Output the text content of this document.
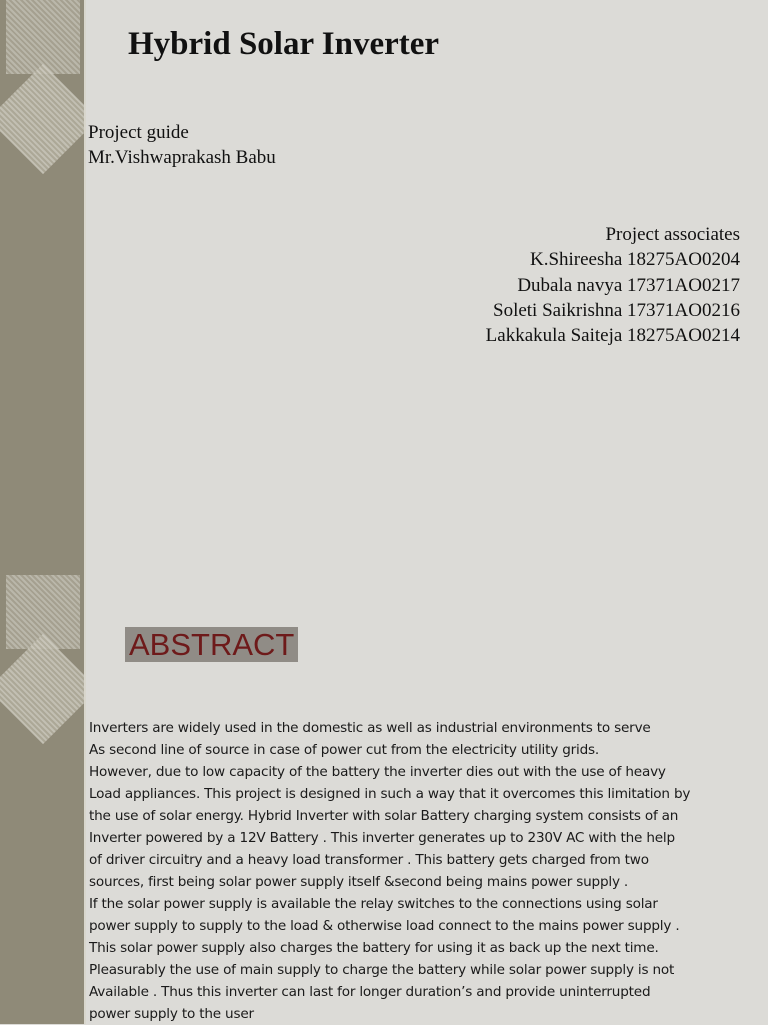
Hybrid Solar Inverter
Project guide
Mr.Vishwaprakash Babu
Project associates
K.Shireesha 18275AO0204
Dubala navya 17371AO0217
Soleti Saikrishna 17371AO0216
Lakkakula Saiteja 18275AO0214
ABSTRACT
Inverters are widely used in the domestic as well as industrial environments to serve
As second line of source in case of power cut from the electricity utility grids.
However, due to low capacity of the battery the inverter dies out with the use of heavy
Load appliances. This project is designed in such a way that it overcomes this limitation by
the use of solar energy. Hybrid Inverter with solar Battery charging system consists of an
Inverter powered by a 12V Battery . This inverter generates up to 230V AC with the help
of driver circuitry and a heavy load transformer . This battery gets charged from two
sources, first being solar power supply itself &second being mains power supply .
If the solar power supply is available the relay switches to the connections using solar
power supply to supply to the load & otherwise load connect to the mains power supply .
This solar power supply also charges the battery for using it as back up the next time.
Pleasurably the use of main supply to charge the battery while solar power supply is not
Available . Thus this inverter can last for longer duration’s and provide uninterrupted
power supply to the user
